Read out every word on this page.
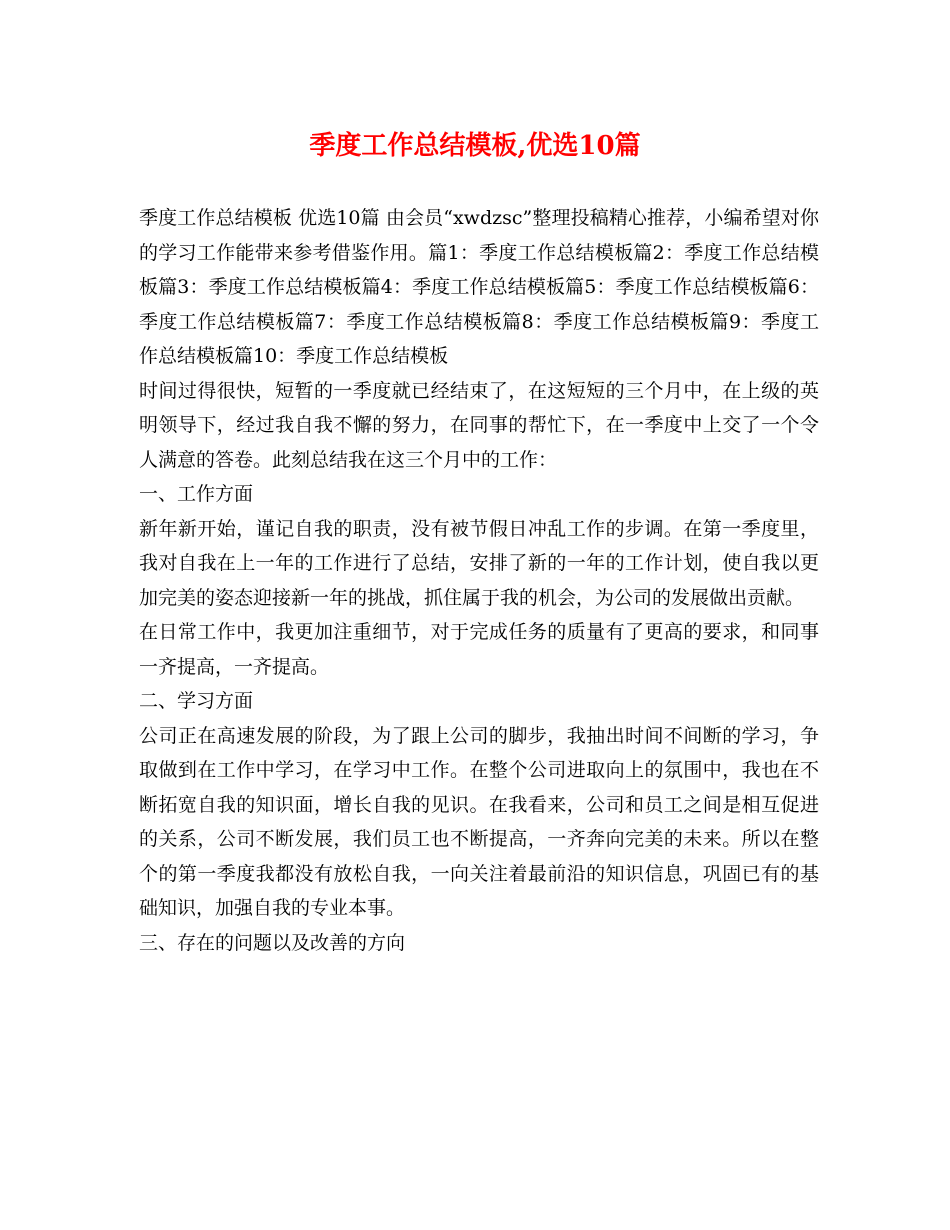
季度工作总结模板,优选10篇

季度工作总结模板 优选10篇 由会员“xwdzsc”整理投稿精心推荐，小编希望对你的学习工作能带来参考借鉴作用。篇1：季度工作总结模板篇2：季度工作总结模板篇3：季度工作总结模板篇4：季度工作总结模板篇5：季度工作总结模板篇6：季度工作总结模板篇7：季度工作总结模板篇8：季度工作总结模板篇9：季度工作总结模板篇10：季度工作总结模板

时间过得很快，短暂的一季度就已经结束了，在这短短的三个月中，在上级的英明领导下，经过我自我不懈的努力，在同事的帮忙下，在一季度中上交了一个令人满意的答卷。此刻总结我在这三个月中的工作：

一、工作方面

新年新开始，谨记自我的职责，没有被节假日冲乱工作的步调。在第一季度里，我对自我在上一年的工作进行了总结，安排了新的一年的工作计划，使自我以更加完美的姿态迎接新一年的挑战，抓住属于我的机会，为公司的发展做出贡献。

在日常工作中，我更加注重细节，对于完成任务的质量有了更高的要求，和同事一齐提高，一齐提高。

二、学习方面

公司正在高速发展的阶段，为了跟上公司的脚步，我抽出时间不间断的学习，争取做到在工作中学习，在学习中工作。在整个公司进取向上的氛围中，我也在不断拓宽自我的知识面，增长自我的见识。在我看来，公司和员工之间是相互促进的关系，公司不断发展，我们员工也不断提高，一齐奔向完美的未来。所以在整个的第一季度我都没有放松自我，一向关注着最前沿的知识信息，巩固已有的基础知识，加强自我的专业本事。

三、存在的问题以及改善的方向
